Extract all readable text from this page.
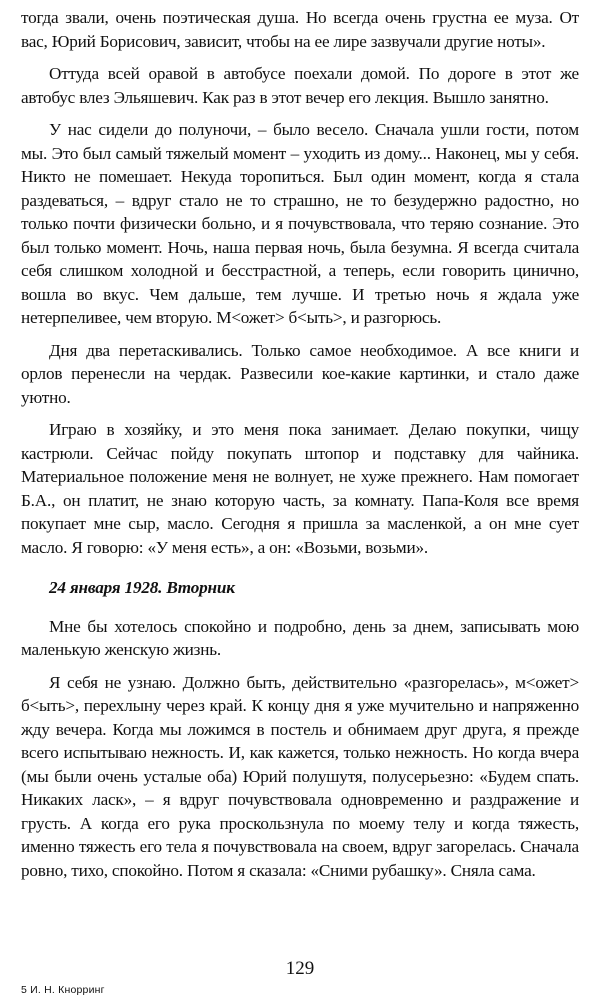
тогда звали, очень поэтическая душа. Но всегда очень грустна ее муза. От вас, Юрий Борисович, зависит, чтобы на ее лире зазвучали другие ноты».

Оттуда всей оравой в автобусе поехали домой. По дороге в этот же автобус влез Эльяшевич. Как раз в этот вечер его лекция. Вышло занятно.

У нас сидели до полуночи, – было весело. Сначала ушли гости, потом мы. Это был самый тяжелый момент – уходить из дому... Наконец, мы у себя. Никто не помешает. Некуда торопиться. Был один момент, когда я стала раздеваться, – вдруг стало не то страшно, не то безудержно радостно, но только почти физически больно, и я почувствовала, что теряю сознание. Это был только момент. Ночь, наша первая ночь, была безумна. Я всегда считала себя слишком холодной и бесстрастной, а теперь, если говорить цинично, вошла во вкус. Чем дальше, тем лучше. И третью ночь я ждала уже нетерпеливее, чем вторую. М<ожет> б<ыть>, и разгорюсь.

Дня два перетаскивались. Только самое необходимое. А все книги и орлов перенесли на чердак. Развесили кое-какие картинки, и стало даже уютно.

Играю в хозяйку, и это меня пока занимает. Делаю покупки, чищу кастрюли. Сейчас пойду покупать штопор и подставку для чайника. Материальное положение меня не волнует, не хуже прежнего. Нам помогает Б.А., он платит, не знаю которую часть, за комнату. Папа-Коля все время покупает мне сыр, масло. Сегодня я пришла за масленкой, а он мне сует масло. Я говорю: «У меня есть», а он: «Возьми, возьми».

24 января 1928. Вторник

Мне бы хотелось спокойно и подробно, день за днем, записывать мою маленькую женскую жизнь.

Я себя не узнаю. Должно быть, действительно «разгорелась», м<ожет> б<ыть>, перехлыну через край. К концу дня я уже мучительно и напряженно жду вечера. Когда мы ложимся в постель и обнимаем друг друга, я прежде всего испытываю нежность. И, как кажется, только нежность. Но когда вчера (мы были очень усталые оба) Юрий полушутя, полусерьезно: «Будем спать. Никаких ласк», – я вдруг почувствовала одновременно и раздражение и грусть. А когда его рука проскользнула по моему телу и когда тяжесть, именно тяжесть его тела я почувствовала на своем, вдруг загорелась. Сначала ровно, тихо, спокойно. Потом я сказала: «Сними рубашку». Сняла сама.

129
5 И. Н. Кнорринг
